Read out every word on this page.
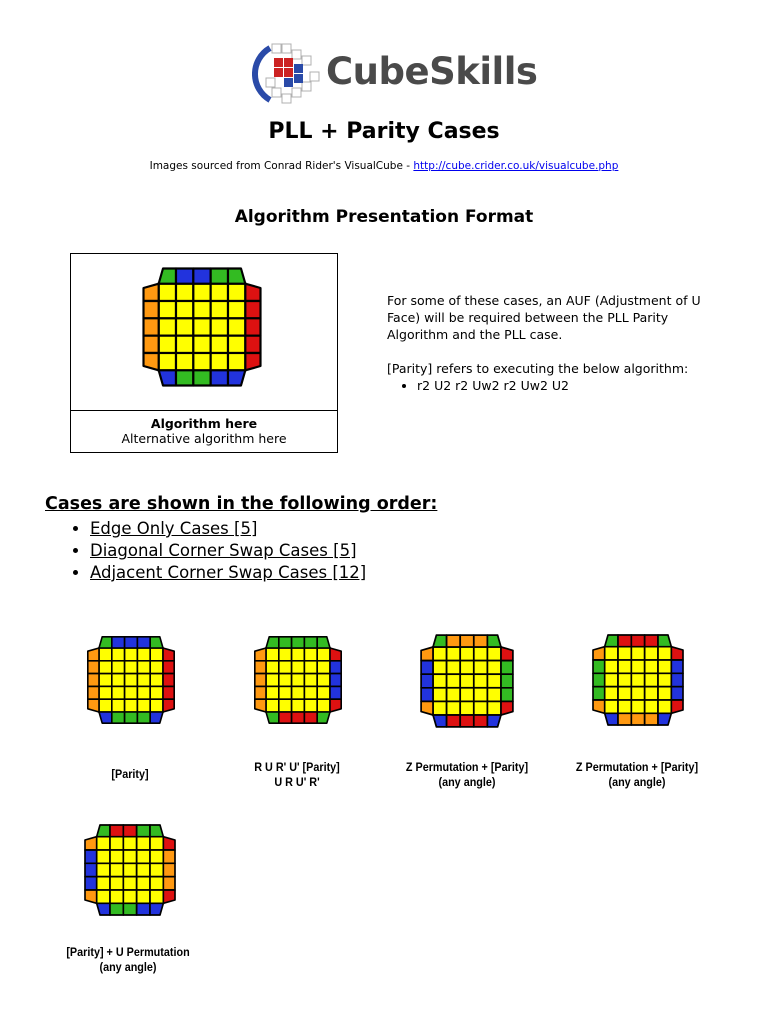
CubeSkills
PLL + Parity Cases
Images sourced from Conrad Rider's VisualCube - http://cube.crider.co.uk/visualcube.php
Algorithm Presentation Format
Algorithm here
Alternative algorithm here

For some of these cases, an AUF (Adjustment of U Face) will be required between the PLL Parity Algorithm and the PLL case.

[Parity] refers to executing the below algorithm:

• r2 U2 r2 Uw2 r2 Uw2 U2
Cases are shown in the following order:
• Edge Only Cases [5]
• Diagonal Corner Swap Cases [5]
• Adjacent Corner Swap Cases [12]
[Parity]	R U R' U' [Parity]
U R U' R'
Z Permutation + [Parity]
(any angle)
Z Permutation + [Parity]
(any angle)
[Parity] + U Permutation
(any angle)
